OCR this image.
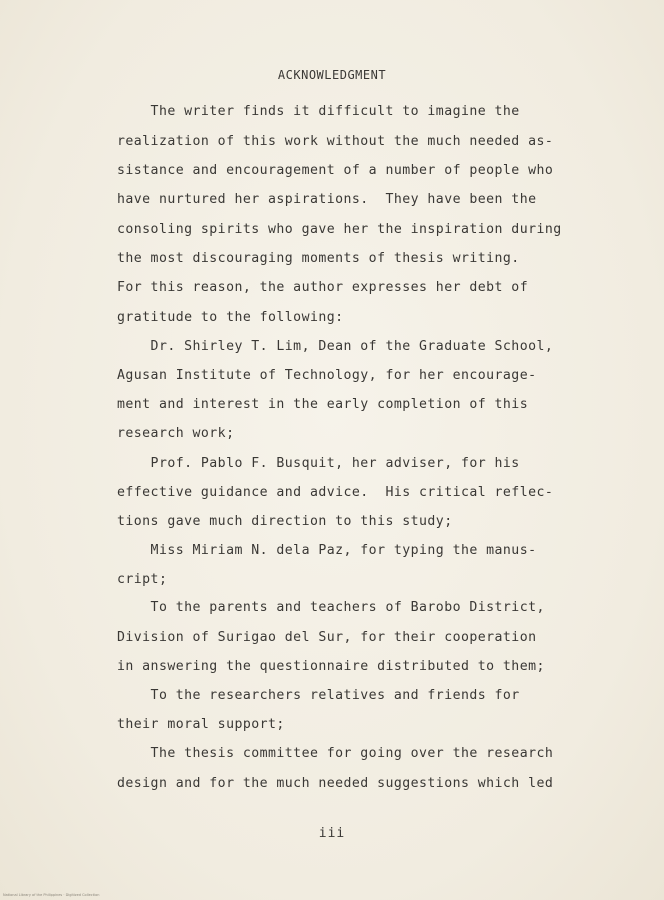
ACKNOWLEDGMENT
The writer finds it difficult to imagine the
realization of this work without the much needed as-
sistance and encouragement of a number of people who
have nurtured her aspirations.  They have been the
consoling spirits who gave her the inspiration during
the most discouraging moments of thesis writing.
For this reason, the author expresses her debt of
gratitude to the following:
Dr. Shirley T. Lim, Dean of the Graduate School,
Agusan Institute of Technology, for her encourage-
ment and interest in the early completion of this
research work;
Prof. Pablo F. Busquit, her adviser, for his
effective guidance and advice.  His critical reflec-
tions gave much direction to this study;
Miss Miriam N. dela Paz, for typing the manus-
cript;
To the parents and teachers of Barobo District,
Division of Surigao del Sur, for their cooperation
in answering the questionnaire distributed to them;
To the researchers relatives and friends for
their moral support;
The thesis committee for going over the research
design and for the much needed suggestions which led
iii
National Library of the Philippines · Digitized Collection
